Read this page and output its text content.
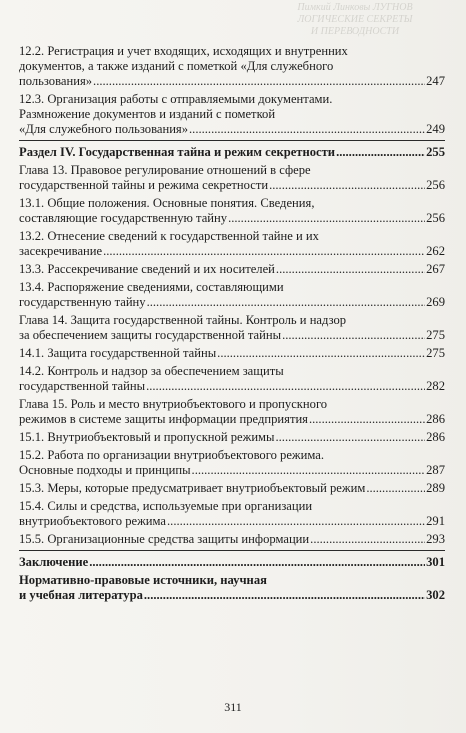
Пимкий Линковы ЛУГНОВ
ЛОГИЧЕСКИЕ СЕКРЕТЫ
И ПЕРЕВОДНОСТИ
12.2. Регистрация и учет входящих, исходящих и внутренних
документов, а также изданий с пометкой «Для служебного
пользования» .....	247
12.3. Организация работы с отправляемыми документами.
Размножение документов и изданий с пометкой
«Для служебного пользования» .....	249
Раздел IV. Государственная тайна и режим секретности .....	255
Глава 13. Правовое регулирование отношений в сфере
государственной тайны и режима секретности .....	256
13.1. Общие положения. Основные понятия. Сведения,
составляющие государственную тайну .....	256
13.2. Отнесение сведений к государственной тайне и их
засекречивание .....	262
13.3. Рассекречивание сведений и их носителей .....	267
13.4. Распоряжение сведениями, составляющими
государственную тайну .....	269
Глава 14. Защита государственной тайны. Контроль и надзор
за обеспечением защиты государственной тайны .....	275
14.1. Защита государственной тайны .....	275
14.2. Контроль и надзор за обеспечением защиты
государственной тайны .....	282
Глава 15. Роль и место внутриобъектового и пропускного
режимов в системе защиты информации предприятия .....	286
15.1. Внутриобъектовый и пропускной режимы .....	286
15.2. Работа по организации внутриобъектового режима.
Основные подходы и принципы .....	287
15.3. Меры, которые предусматривает внутриобъектовый режим .....	289
15.4. Силы и средства, используемые при организации
внутриобъектового режима .....	291
15.5. Организационные средства защиты информации .....	293
Заключение .....	301
Нормативно-правовые источники, научная
и учебная литература .....	302
311
